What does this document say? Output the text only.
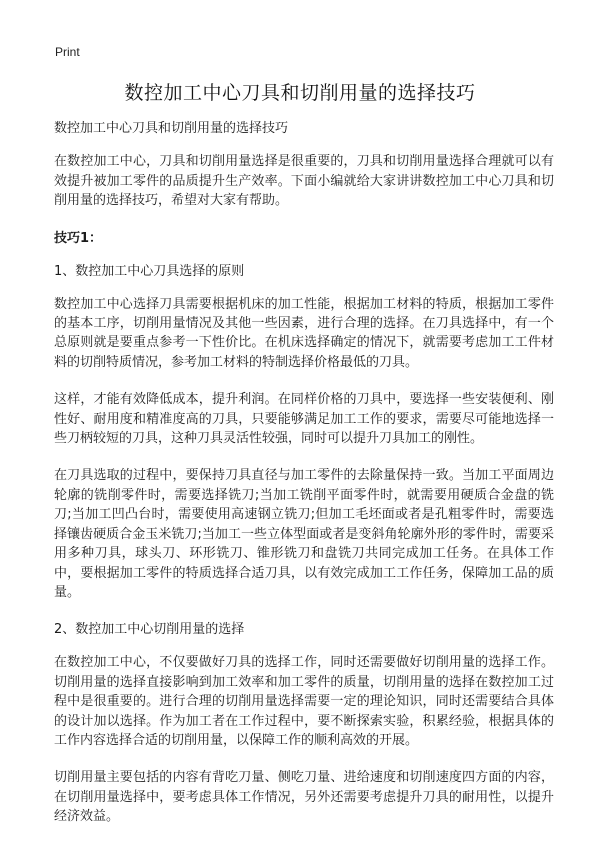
Print
数控加工中心刀具和切削用量的选择技巧

数控加工中心刀具和切削用量的选择技巧

在数控加工中心，刀具和切削用量选择是很重要的，刀具和切削用量选择合理就可以有效提升被加工零件的品质提升生产效率。下面小编就给大家讲讲数控加工中心刀具和切削用量的选择技巧，希望对大家有帮助。

技巧1：
1、数控加工中心刀具选择的原则

数控加工中心选择刀具需要根据机床的加工性能，根据加工材料的特质，根据加工零件的基本工序，切削用量情况及其他一些因素，进行合理的选择。在刀具选择中，有一个总原则就是要重点参考一下性价比。在机床选择确定的情况下，就需要考虑加工工件材料的切削特质情况，参考加工材料的特制选择价格最低的刀具。

这样，才能有效降低成本，提升利润。在同样价格的刀具中，要选择一些安装便利、刚性好、耐用度和精准度高的刀具，只要能够满足加工工作的要求，需要尽可能地选择一些刀柄较短的刀具，这种刀具灵活性较强，同时可以提升刀具加工的刚性。

在刀具选取的过程中，要保持刀具直径与加工零件的去除量保持一致。当加工平面周边轮廓的铣削零件时，需要选择铣刀;当加工铣削平面零件时，就需要用硬质合金盘的铣刀;当加工凹凸台时，需要使用高速钢立铣刀;但加工毛坯面或者是孔粗零件时，需要选择镶齿硬质合金玉米铣刀;当加工一些立体型面或者是变斜角轮廓外形的零件时，需要采用多种刀具，球头刀、环形铣刀、锥形铣刀和盘铣刀共同完成加工任务。在具体工作中，要根据加工零件的特质选择合适刀具，以有效完成加工工作任务，保障加工品的质量。

2、数控加工中心切削用量的选择

在数控加工中心，不仅要做好刀具的选择工作，同时还需要做好切削用量的选择工作。切削用量的选择直接影响到加工效率和加工零件的质量，切削用量的选择在数控加工过程中是很重要的。进行合理的切削用量选择需要一定的理论知识，同时还需要结合具体的设计加以选择。作为加工者在工作过程中，要不断探索实验，积累经验，根据具体的工作内容选择合适的切削用量，以保障工作的顺利高效的开展。

切削用量主要包括的内容有背吃刀量、侧吃刀量、进给速度和切削速度四方面的内容，在切削用量选择中，要考虑具体工作情况，另外还需要考虑提升刀具的耐用性，以提升经济效益。
